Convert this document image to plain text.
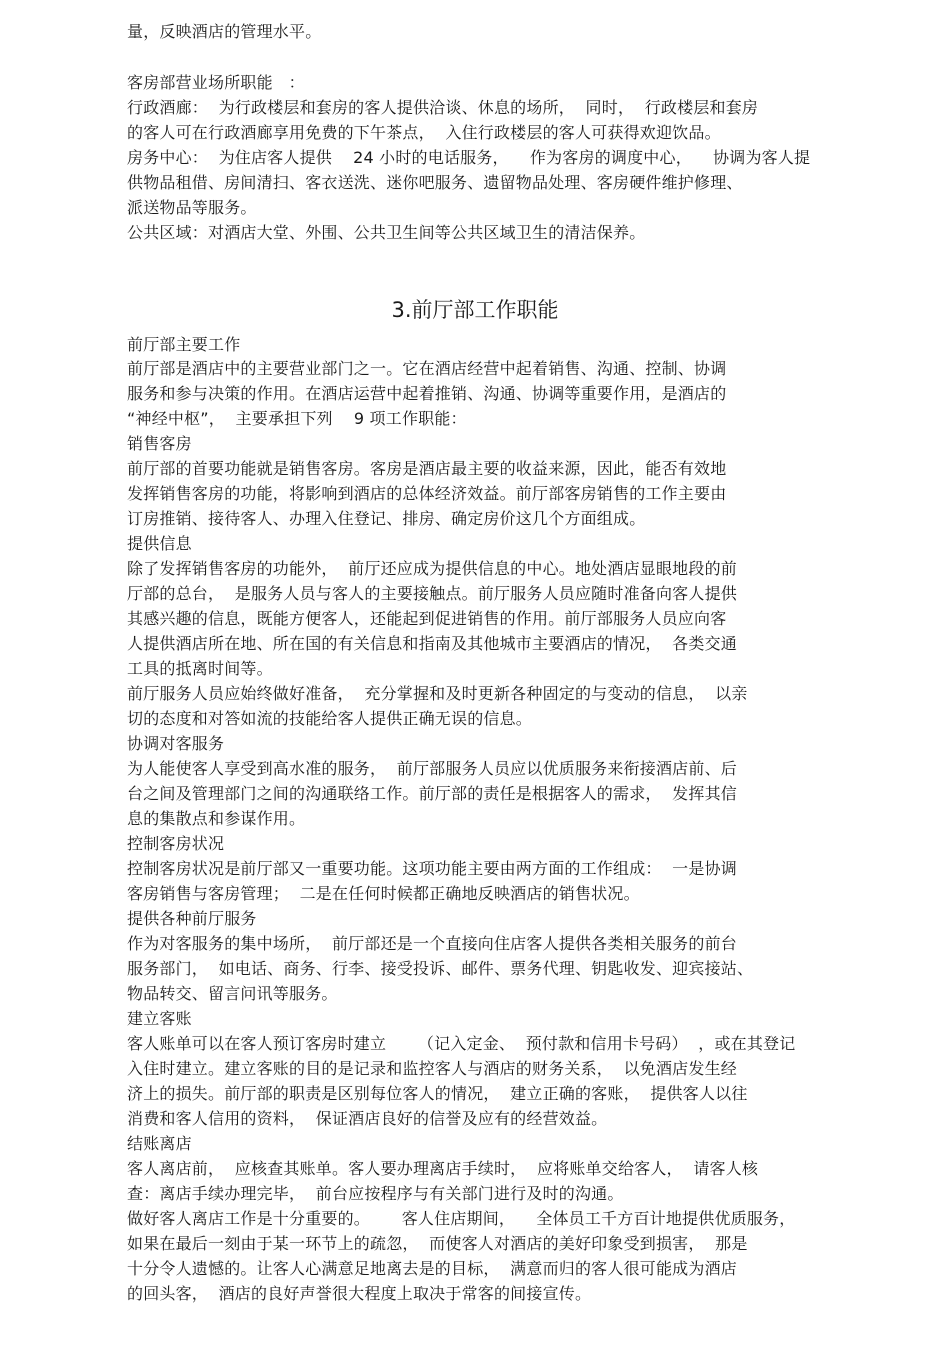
量，反映酒店的管理水平。
客房部营业场所职能   ：
行政酒廊：  为行政楼层和套房的客人提供洽谈、休息的场所，  同时，  行政楼层和套房
的客人可在行政酒廊享用免费的下午茶点，  入住行政楼层的客人可获得欢迎饮品。
房务中心：  为住店客人提供    24 小时的电话服务，    作为客房的调度中心，    协调为客人提
供物品租借、房间清扫、客衣送洗、迷你吧服务、遗留物品处理、客房硬件维护修理、
派送物品等服务。
公共区域：对酒店大堂、外围、公共卫生间等公共区域卫生的清洁保养。
3.前厅部工作职能
前厅部主要工作
前厅部是酒店中的主要营业部门之一。它在酒店经营中起着销售、沟通、控制、协调
服务和参与决策的作用。在酒店运营中起着推销、沟通、协调等重要作用，是酒店的
“神经中枢”，  主要承担下列    9 项工作职能：
销售客房
前厅部的首要功能就是销售客房。客房是酒店最主要的收益来源，因此，能否有效地
发挥销售客房的功能，将影响到酒店的总体经济效益。前厅部客房销售的工作主要由
订房推销、接待客人、办理入住登记、排房、确定房价这几个方面组成。
提供信息
除了发挥销售客房的功能外，  前厅还应成为提供信息的中心。地处酒店显眼地段的前
厅部的总台，  是服务人员与客人的主要接触点。前厅服务人员应随时准备向客人提供
其感兴趣的信息，既能方便客人，还能起到促进销售的作用。前厅部服务人员应向客
人提供酒店所在地、所在国的有关信息和指南及其他城市主要酒店的情况，  各类交通
工具的抵离时间等。
前厅服务人员应始终做好准备，  充分掌握和及时更新各种固定的与变动的信息，  以亲
切的态度和对答如流的技能给客人提供正确无误的信息。
协调对客服务
为人能使客人享受到高水准的服务，  前厅部服务人员应以优质服务来衔接酒店前、后
台之间及管理部门之间的沟通联络工作。前厅部的责任是根据客人的需求，  发挥其信
息的集散点和参谋作用。
控制客房状况
控制客房状况是前厅部又一重要功能。这项功能主要由两方面的工作组成：  一是协调
客房销售与客房管理；  二是在任何时候都正确地反映酒店的销售状况。
提供各种前厅服务
作为对客服务的集中场所，  前厅部还是一个直接向住店客人提供各类相关服务的前台
服务部门，  如电话、商务、行李、接受投诉、邮件、票务代理、钥匙收发、迎宾接站、
物品转交、留言问讯等服务。
建立客账
客人账单可以在客人预订客房时建立      （记入定金、  预付款和信用卡号码）  ，或在其登记
入住时建立。建立客账的目的是记录和监控客人与酒店的财务关系，  以免酒店发生经
济上的损失。前厅部的职责是区别每位客人的情况，  建立正确的客账，  提供客人以往
消费和客人信用的资料，  保证酒店良好的信誉及应有的经营效益。
结账离店
客人离店前，  应核查其账单。客人要办理离店手续时，  应将账单交给客人，  请客人核
查：离店手续办理完毕，  前台应按程序与有关部门进行及时的沟通。
做好客人离店工作是十分重要的。      客人住店期间，    全体员工千方百计地提供优质服务，
如果在最后一刻由于某一环节上的疏忽，  而使客人对酒店的美好印象受到损害，  那是
十分令人遗憾的。让客人心满意足地离去是的目标，  满意而归的客人很可能成为酒店
的回头客，  酒店的良好声誉很大程度上取决于常客的间接宣传。
